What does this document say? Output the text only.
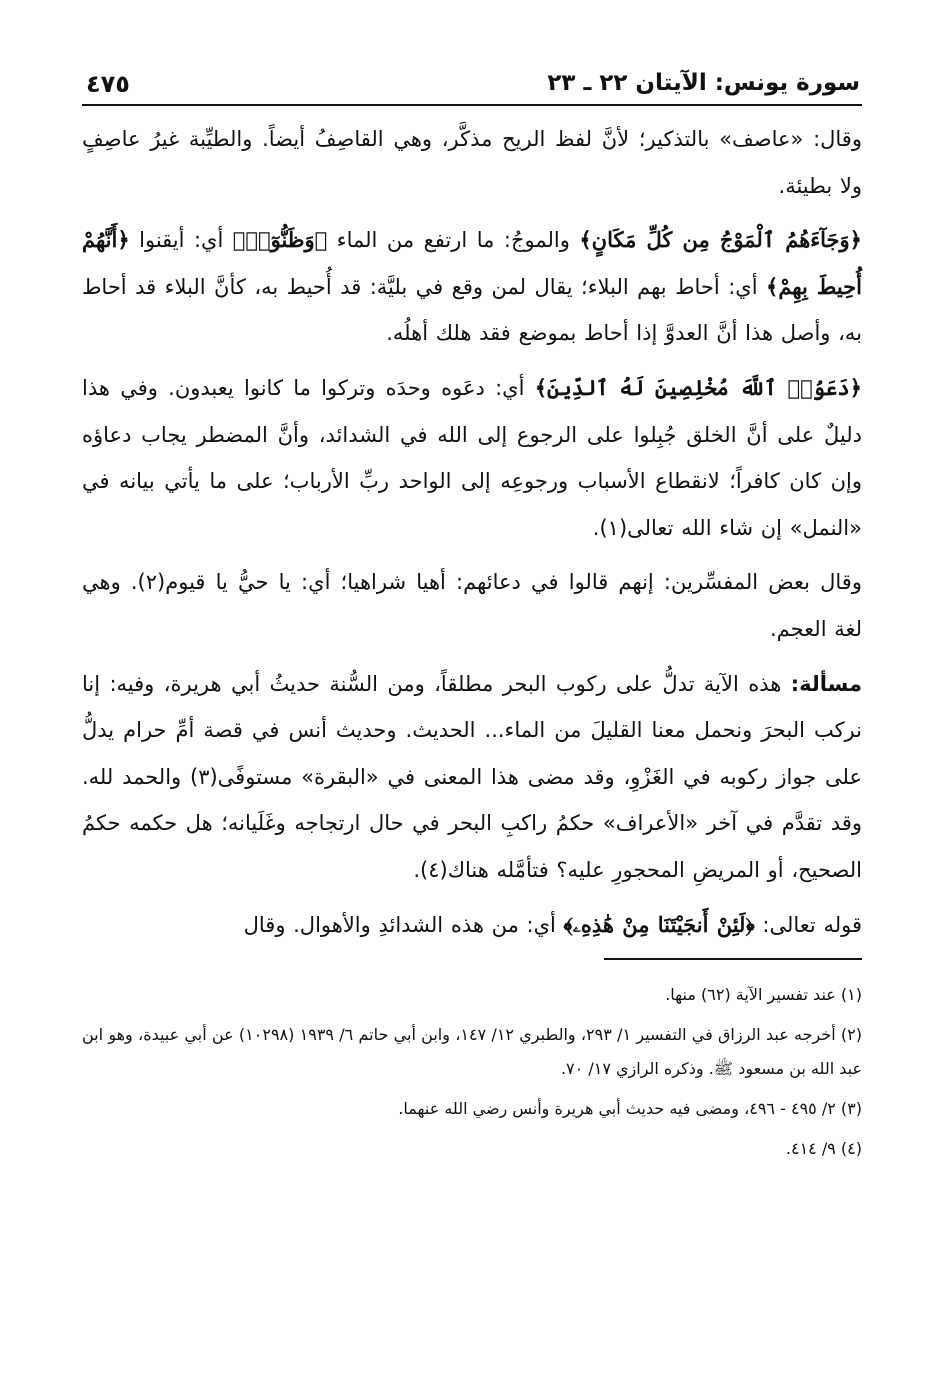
سورة يونس: الآيتان ٢٢ ـ ٢٣
٤٧٥

وقال: «عاصف» بالتذكير؛ لأنَّ لفظ الريح مذكَّر، وهي القاصِفُ أيضاً. والطيِّبة غيرُ عاصِفٍ ولا بطيئة.

﴿وَجَآءَهُمُ ٱلْمَوْجُ مِن كُلِّ مَكَانٍ﴾ والموجُ: ما ارتفع من الماء ﴿وَظَنُّوٓا۟﴾ أي: أيقنوا ﴿أَنَّهُمْ أُحِيطَ بِهِمْ﴾ أي: أحاط بهم البلاء؛ يقال لمن وقع في بليَّة: قد أُحيط به، كأنَّ البلاء قد أحاط به، وأصل هذا أنَّ العدوَّ إذا أحاط بموضع فقد هلك أهلُه.

﴿دَعَوُا۟ ٱللَّهَ مُخْلِصِينَ لَهُ ٱلدِّينَ﴾ أي: دعَوه وحدَه وتركوا ما كانوا يعبدون. وفي هذا دليلٌ على أنَّ الخلق جُبِلوا على الرجوع إلى الله في الشدائد، وأنَّ المضطر يجاب دعاؤه وإن كان كافراً؛ لانقطاع الأسباب ورجوعِه إلى الواحد ربِّ الأرباب؛ على ما يأتي بيانه في «النمل» إن شاء الله تعالى(١).

وقال بعض المفسِّرين: إنهم قالوا في دعائهم: أهيا شراهيا؛ أي: يا حيُّ يا قيوم(٢). وهي لغة العجم.

مسألة: هذه الآية تدلُّ على ركوب البحر مطلقاً، ومن السُّنة حديثُ أبي هريرة، وفيه: إنا نركب البحرَ ونحمل معنا القليلَ من الماء... الحديث. وحديث أنس في قصة أمِّ حرام يدلُّ على جواز ركوبه في الغَزْوِ، وقد مضى هذا المعنى في «البقرة» مستوفًى(٣) والحمد لله. وقد تقدَّم في آخر «الأعراف» حكمُ راكبِ البحر في حال ارتجاجه وغَلَيانه؛ هل حكمه حكمُ الصحيح، أو المريضِ المحجورِ عليه؟ فتأمَّله هناك(٤).

قوله تعالى: ﴿لَئِنْ أَنجَيْتَنَا مِنْ هَٰذِهِۦ﴾ أي: من هذه الشدائدِ والأهوال. وقال

(١) عند تفسير الآية (٦٢) منها.

(٢) أخرجه عبد الرزاق في التفسير ١/ ٢٩٣، والطبري ١٢/ ١٤٧، وابن أبي حاتم ٦/ ١٩٣٩ (١٠٢٩٨) عن أبي عبيدة، وهو ابن عبد الله بن مسعود ﷺ. وذكره الرازي ١٧/ ٧٠.

(٣) ٢/ ٤٩٥ - ٤٩٦، ومضى فيه حديث أبي هريرة وأنس رضي الله عنهما.

(٤) ٩/ ٤١٤.
